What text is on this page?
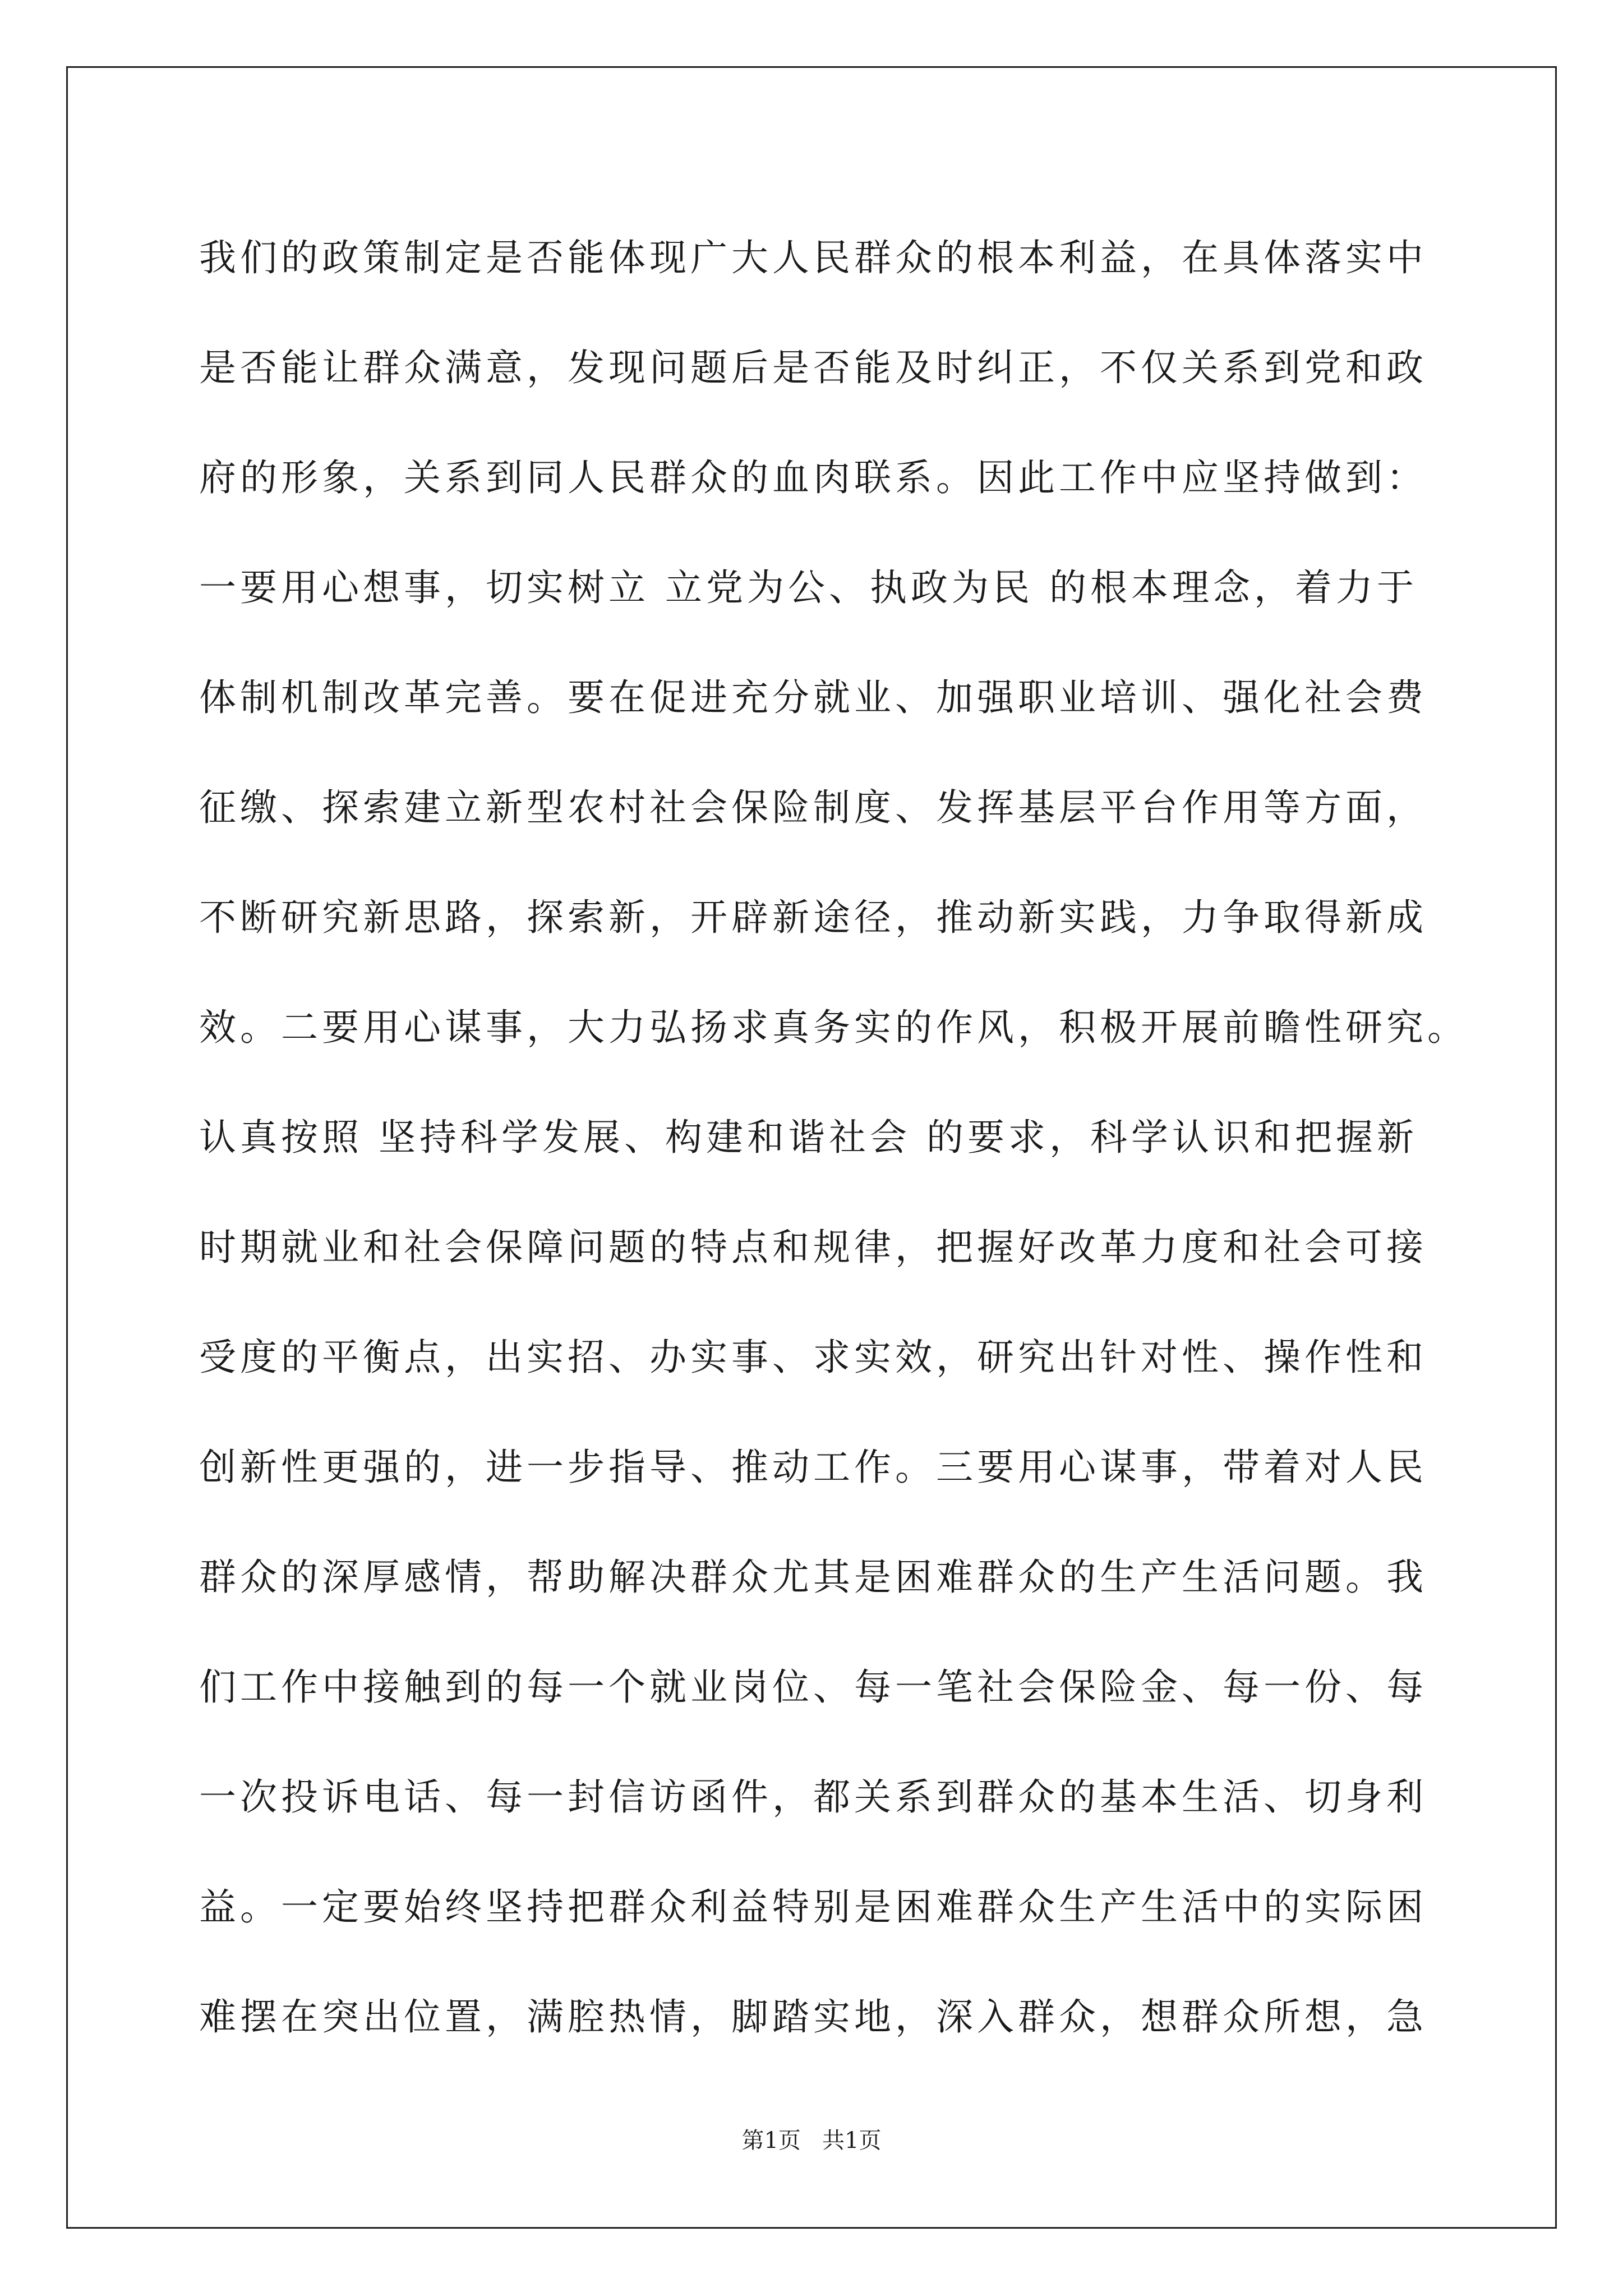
我们的政策制定是否能体现广大人民群众的根本利益，在具体落实中
是否能让群众满意，发现问题后是否能及时纠正，不仅关系到党和政
府的形象，关系到同人民群众的血肉联系。因此工作中应坚持做到：
一要用心想事，切实树立 立党为公、执政为民 的根本理念，着力于
体制机制改革完善。要在促进充分就业、加强职业培训、强化社会费
征缴、探索建立新型农村社会保险制度、发挥基层平台作用等方面，
不断研究新思路，探索新，开辟新途径，推动新实践，力争取得新成
效。二要用心谋事，大力弘扬求真务实的作风，积极开展前瞻性研究。
认真按照 坚持科学发展、构建和谐社会 的要求，科学认识和把握新
时期就业和社会保障问题的特点和规律，把握好改革力度和社会可接
受度的平衡点，出实招、办实事、求实效，研究出针对性、操作性和
创新性更强的，进一步指导、推动工作。三要用心谋事，带着对人民
群众的深厚感情，帮助解决群众尤其是困难群众的生产生活问题。我
们工作中接触到的每一个就业岗位、每一笔社会保险金、每一份、每
一次投诉电话、每一封信访函件，都关系到群众的基本生活、切身利
益。一定要始终坚持把群众利益特别是困难群众生产生活中的实际困
难摆在突出位置，满腔热情，脚踏实地，深入群众，想群众所想，急
第1页   共1页
